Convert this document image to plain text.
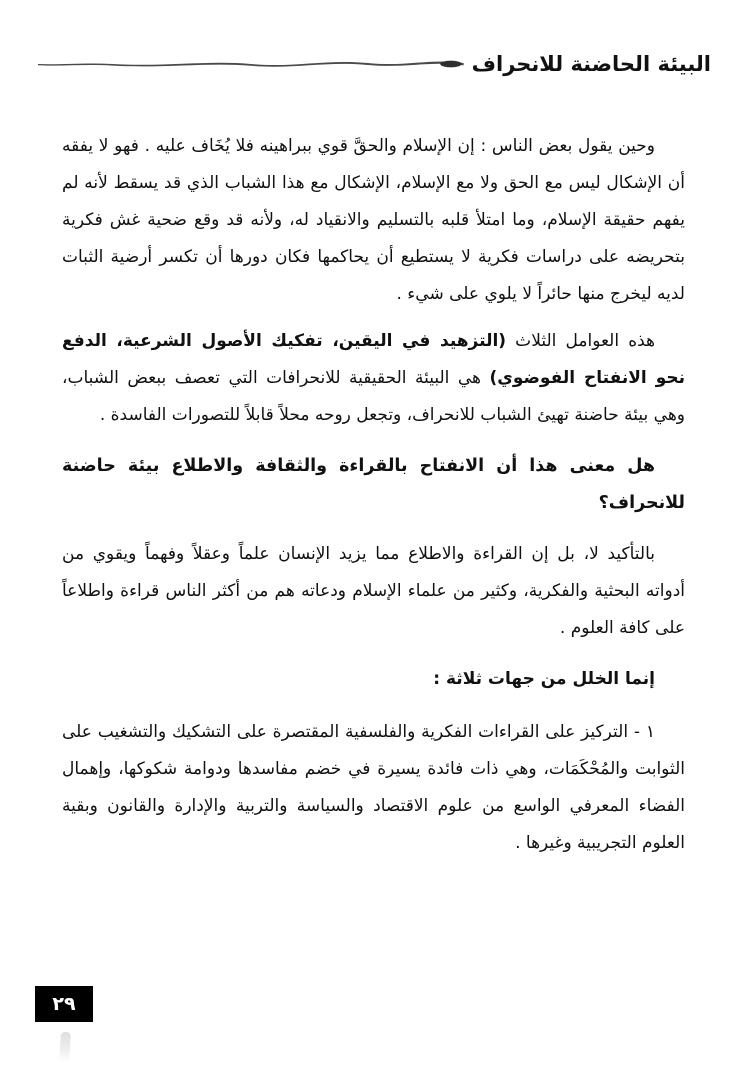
البيئة الحاضنة للانحراف

وحين يقول بعض الناس : إن الإسلام والحقَّ قوي ببراهينه فلا يُخَاف عليه . فهو لا يفقه أن الإشكال ليس مع الحق ولا مع الإسلام، الإشكال مع هذا الشباب الذي قد يسقط لأنه لم يفهم حقيقة الإسلام، وما امتلأ قلبه بالتسليم والانقياد له، ولأنه قد وقع ضحية غش فكرية بتحريضه على دراسات فكرية لا يستطيع أن يحاكمها فكان دورها أن تكسر أرضية الثبات لديه ليخرج منها حائراً لا يلوي على شيء .

هذه العوامل الثلاث (التزهيد في اليقين، تفكيك الأصول الشرعية، الدفع نحو الانفتاح الفوضوي) هي البيئة الحقيقية للانحرافات التي تعصف ببعض الشباب، وهي بيئة حاضنة تهيئ الشباب للانحراف، وتجعل روحه محلاً قابلاً للتصورات الفاسدة .

هل معنى هذا أن الانفتاح بالقراءة والثقافة والاطلاع بيئة حاضنة للانحراف؟

بالتأكيد لا، بل إن القراءة والاطلاع مما يزيد الإنسان علماً وعقلاً وفهماً ويقوي من أدواته البحثية والفكرية، وكثير من علماء الإسلام ودعاته هم من أكثر الناس قراءة واطلاعاً على كافة العلوم .

إنما الخلل من جهات ثلاثة :

١ - التركيز على القراءات الفكرية والفلسفية المقتصرة على التشكيك والتشغيب على الثوابت والمُحْكَمَات، وهي ذات فائدة يسيرة في خضم مفاسدها ودوامة شكوكها، وإهمال الفضاء المعرفي الواسع من علوم الاقتصاد والسياسة والتربية والإدارة والقانون وبقية العلوم التجريبية وغيرها .

٢٩
